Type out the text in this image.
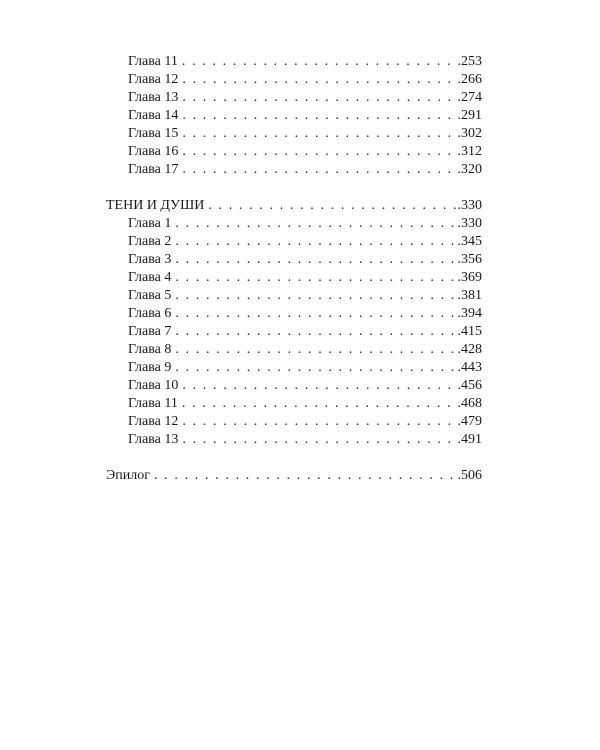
Глава 11 . . .	.253
Глава 12 . . .	.266
Глава 13 . . .	.274
Глава 14 . . .	.291
Глава 15 . . .	.302
Глава 16 . . .	.312
Глава 17 . . .	.320
ТЕНИ И ДУШИ . . .	.330
Глава 1 . . .	.330
Глава 2 . . .	.345
Глава 3 . . .	.356
Глава 4 . . .	.369
Глава 5 . . .	.381
Глава 6 . . .	.394
Глава 7 . . .	.415
Глава 8 . . .	.428
Глава 9 . . .	.443
Глава 10 . . .	.456
Глава 11 . . .	.468
Глава 12 . . .	.479
Глава 13 . . .	.491
Эпилог . . .	.506
